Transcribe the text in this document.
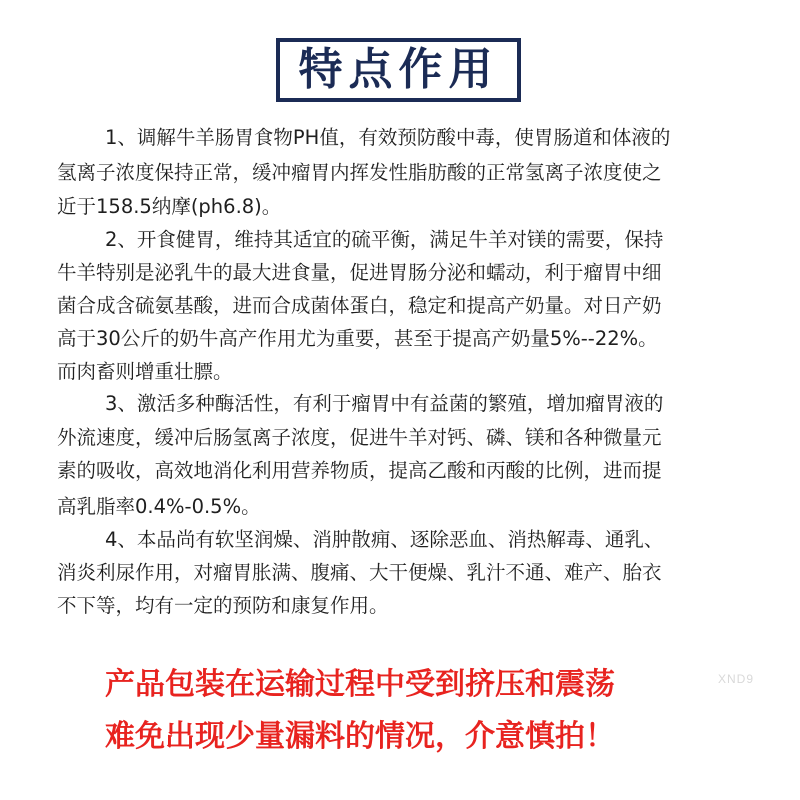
特点作用
1、调解牛羊肠胃食物PH值，有效预防酸中毒，使胃肠道和体液的
氢离子浓度保持正常，缓冲瘤胃内挥发性脂肪酸的正常氢离子浓度使之
近于158.5纳摩(ph6.8)。
2、开食健胃，维持其适宜的硫平衡，满足牛羊对镁的需要，保持
牛羊特别是泌乳牛的最大进食量，促进胃肠分泌和蠕动，利于瘤胃中细
菌合成含硫氨基酸，进而合成菌体蛋白，稳定和提高产奶量。对日产奶
高于30公斤的奶牛高产作用尤为重要，甚至于提高产奶量5%--22%。
而肉畜则增重壮膘。
3、激活多种酶活性，有利于瘤胃中有益菌的繁殖，增加瘤胃液的
外流速度，缓冲后肠氢离子浓度，促进牛羊对钙、磷、镁和各种微量元
素的吸收，高效地消化利用营养物质，提高乙酸和丙酸的比例，进而提
高乳脂率0.4%-0.5%。
4、本品尚有软坚润燥、消肿散痈、逐除恶血、消热解毒、通乳、
消炎利尿作用，对瘤胃胀满、腹痛、大干便燥、乳汁不通、难产、胎衣
不下等，均有一定的预防和康复作用。
产品包装在运输过程中受到挤压和震荡
难免出现少量漏料的情况，介意慎拍！
XND9
